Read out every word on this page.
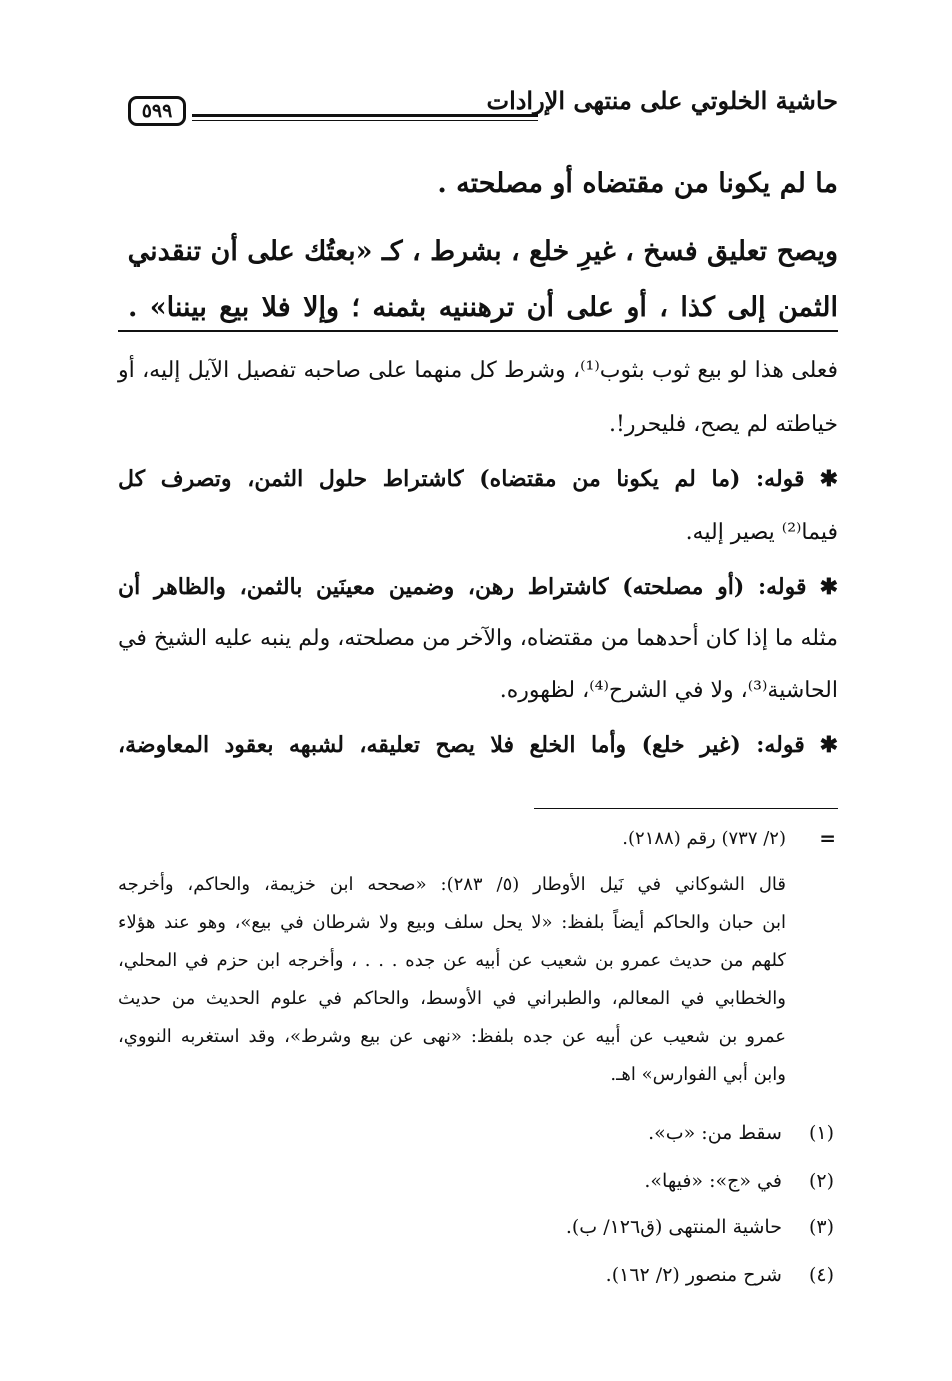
حاشية الخلوتي على منتهى الإرادات
٥٩٩
ما لم يكونا من مقتضاه أو مصلحته .
ويصح تعليق فسخ ، غيرِ خلع ، بشرط ، كـ «بعتُك على أن تنقدني
الثمن إلى كذا ، أو على أن ترهننيه بثمنه ؛ وإلا فلا بيع بيننا» .
فعلى هذا لو بيع ثوب بثوب⁽¹⁾، وشرط كل منهما على صاحبه تفصيل الآيل إليه، أو
خياطته لم يصح، فليحرر!.
✱ قوله: (ما لم يكونا من مقتضاه) كاشتراط حلول الثمن، وتصرف كل
فيما⁽²⁾ يصير إليه.
✱ قوله: (أو مصلحته) كاشتراط رهن، وضمين معينَين بالثمن، والظاهر أن
مثله ما إذا كان أحدهما من مقتضاه، والآخر من مصلحته، ولم ينبه عليه الشيخ في
الحاشية⁽³⁾، ولا في الشرح⁽⁴⁾، لظهوره.
✱ قوله: (غير خلع) وأما الخلع فلا يصح تعليقه، لشبهه بعقود المعاوضة،
=
(٢/ ٧٣٧) رقم (٢١٨٨).
قال الشوكاني في نَيل الأوطار (٥/ ٢٨٣): «صححه ابن خزيمة، والحاكم، وأخرجه
ابن حبان والحاكم أيضاً بلفظ: «لا يحل سلف وبيع ولا شرطان في بيع»، وهو عند هؤلاء
كلهم من حديث عمرو بن شعيب عن أبيه عن جده . . . ، وأخرجه ابن حزم في المحلي،
والخطابي في المعالم، والطبراني في الأوسط، والحاكم في علوم الحديث من حديث
عمرو بن شعيب عن أبيه عن جده بلفظ: «نهى عن بيع وشرط»، وقد استغربه النووي،
وابن أبي الفوارس» اهـ.
(١) سقط من: «ب».
(٢) في «ج»: «فيها».
(٣) حاشية المنتهى (ق١٢٦/ ب).
(٤) شرح منصور (٢/ ١٦٢).
